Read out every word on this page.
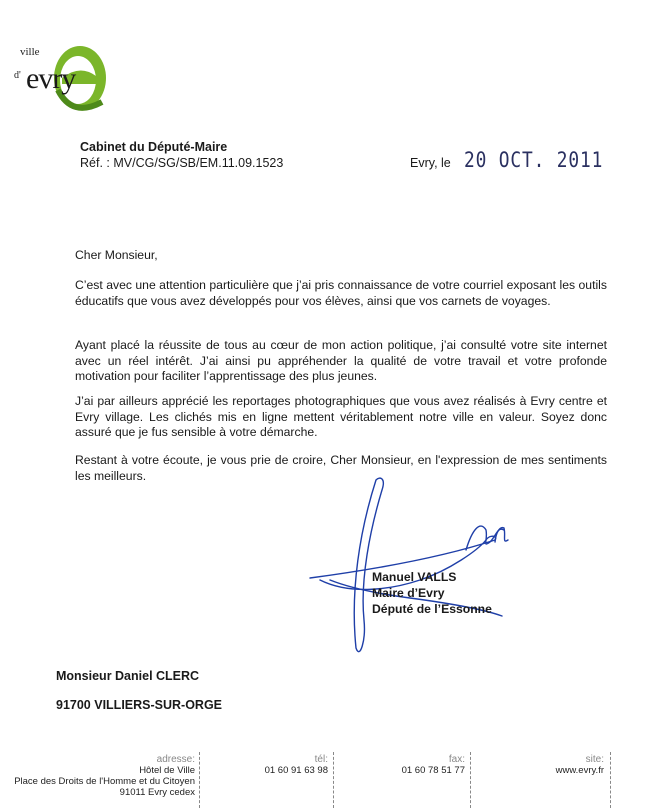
ville
d' evry
Cabinet du Député-Maire
Réf. : MV/CG/SG/SB/EM.11.09.1523	Evry, le 20 OCT. 2011
Cher Monsieur,
C’est avec une attention particulière que j’ai pris connaissance de votre courriel exposant les outils éducatifs que vous avez développés pour vos élèves, ainsi que vos carnets de voyages.
Ayant placé la réussite de tous au cœur de mon action politique, j’ai consulté votre site internet avec un réel intérêt. J’ai ainsi pu appréhender la qualité de votre travail et votre profonde motivation pour faciliter l’apprentissage des plus jeunes.
J’ai par ailleurs apprécié les reportages photographiques que vous avez réalisés à Evry centre et Evry village. Les clichés mis en ligne mettent véritablement notre ville en valeur. Soyez donc assuré que je fus sensible à votre démarche.
Restant à votre écoute, je vous prie de croire, Cher Monsieur, en l'expression de mes sentiments les meilleurs.
Manuel VALLS
Maire d’Evry
Député de l’Essonne
Monsieur Daniel CLERC
91700 VILLIERS-SUR-ORGE
adresse:
Hôtel de Ville
Place des Droits de l'Homme et du Citoyen
91011 Evry cedex
tél:
01 60 91 63 98
fax:
01 60 78 51 77
site:
www.evry.fr
